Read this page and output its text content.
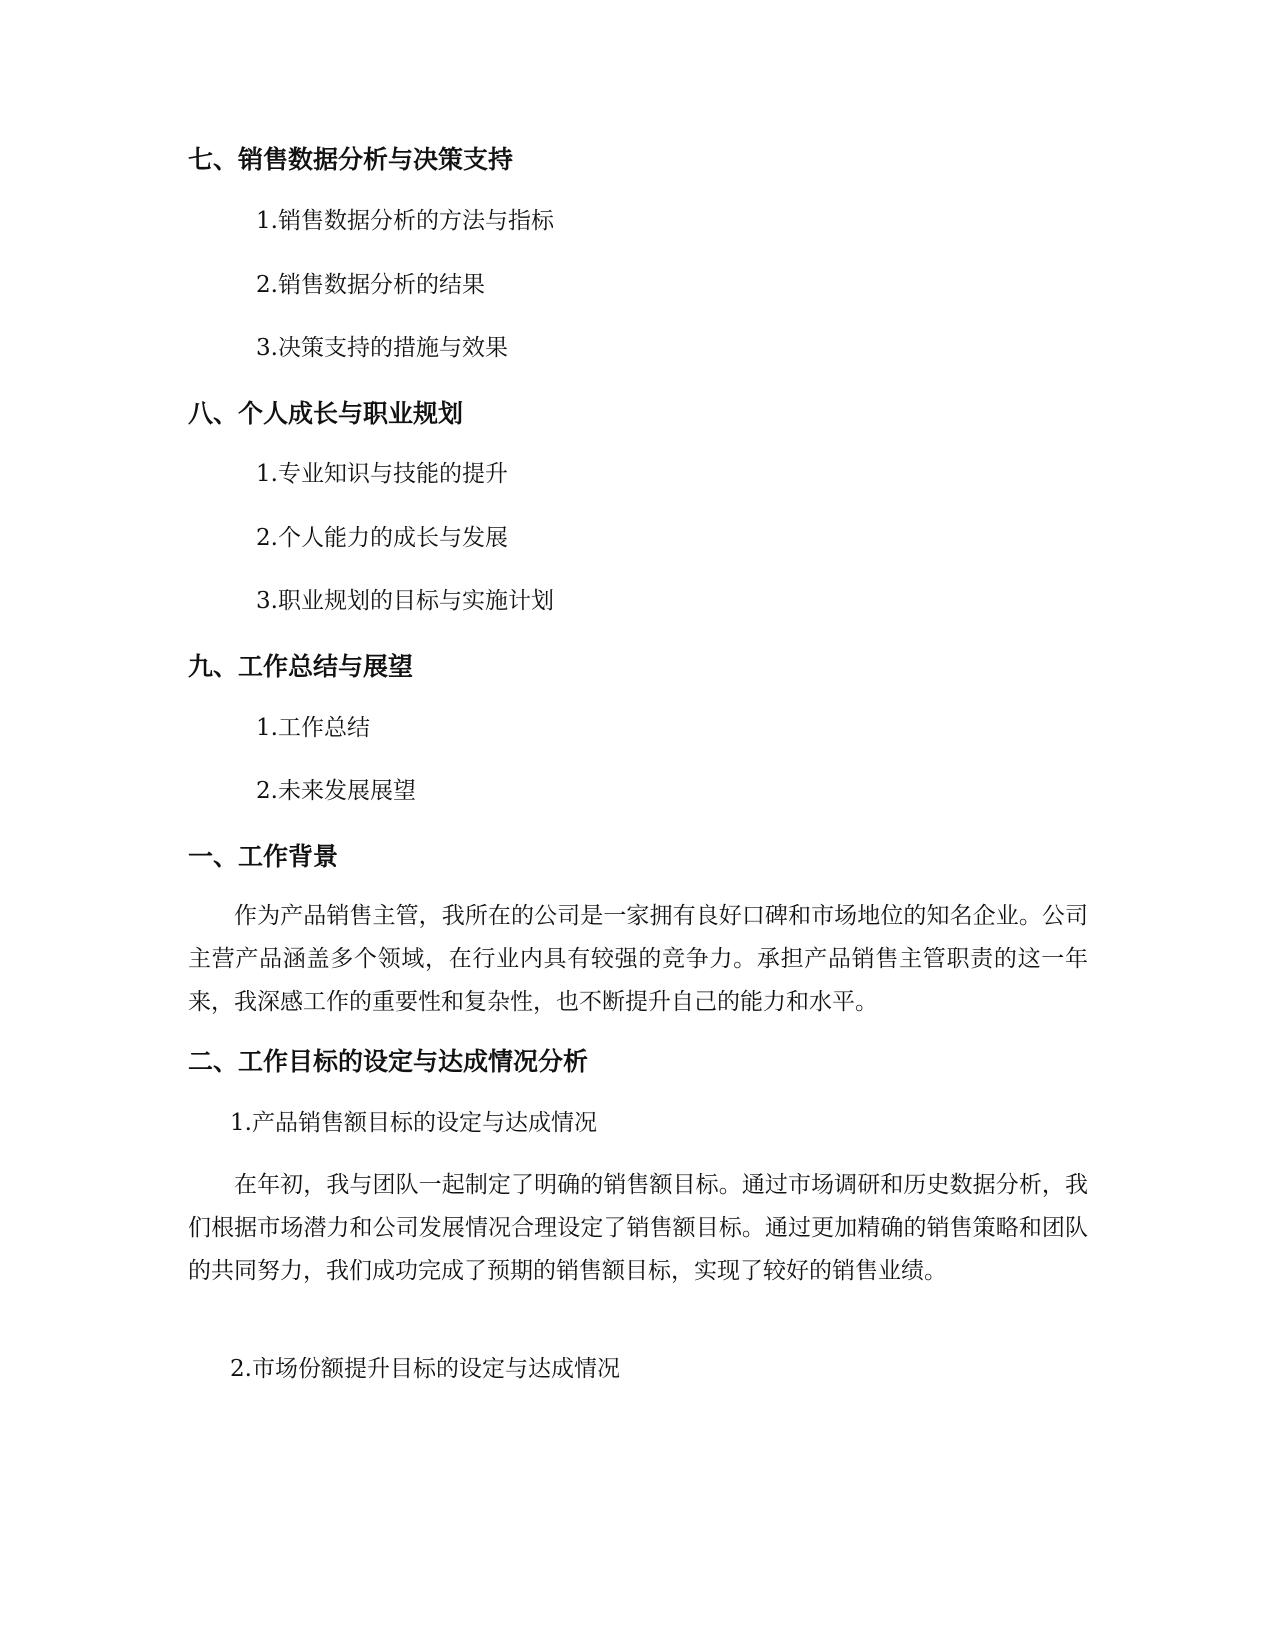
七、销售数据分析与决策支持
1.销售数据分析的方法与指标
2.销售数据分析的结果
3.决策支持的措施与效果
八、个人成长与职业规划
1.专业知识与技能的提升
2.个人能力的成长与发展
3.职业规划的目标与实施计划
九、工作总结与展望
1.工作总结
2.未来发展展望
一、工作背景
作为产品销售主管，我所在的公司是一家拥有良好口碑和市场地位的知名企业。公司主营产品涵盖多个领域，在行业内具有较强的竞争力。承担产品销售主管职责的这一年来，我深感工作的重要性和复杂性，也不断提升自己的能力和水平。
二、工作目标的设定与达成情况分析
1.产品销售额目标的设定与达成情况
在年初，我与团队一起制定了明确的销售额目标。通过市场调研和历史数据分析，我们根据市场潜力和公司发展情况合理设定了销售额目标。通过更加精确的销售策略和团队的共同努力，我们成功完成了预期的销售额目标，实现了较好的销售业绩。
2.市场份额提升目标的设定与达成情况
